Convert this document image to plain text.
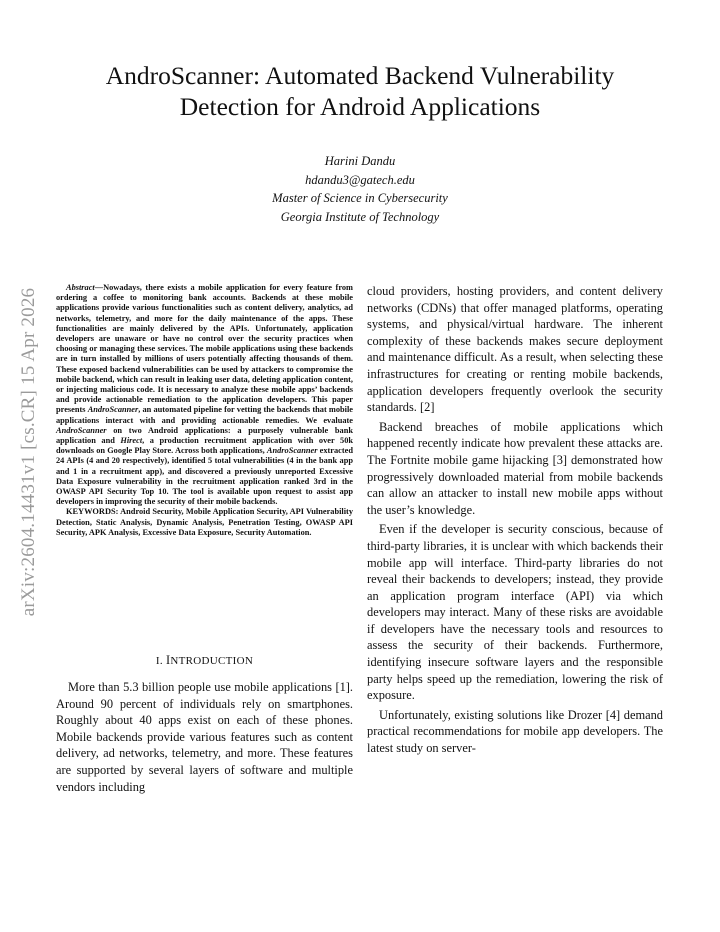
AndroScanner: Automated Backend Vulnerability
Detection for Android Applications
Harini Dandu
hdandu3@gatech.edu
Master of Science in Cybersecurity
Georgia Institute of Technology
arXiv:2604.14431v1 [cs.CR] 15 Apr 2026

Abstract—Nowadays, there exists a mobile application for every feature from ordering a coffee to monitoring bank accounts. Backends at these mobile applications provide various functionalities such as content delivery, analytics, ad networks, telemetry, and more for the daily maintenance of the apps. These functionalities are mainly delivered by the APIs. Unfortunately, application developers are unaware or have no control over the security practices when choosing or managing these services. The mobile applications using these backends are in turn installed by millions of users potentially affecting thousands of them. These exposed backend vulnerabilities can be used by attackers to compromise the mobile backend, which can result in leaking user data, deleting application content, or injecting malicious code. It is necessary to analyze these mobile apps’ backends and provide actionable remediation to the application developers. This paper presents AndroScanner, an automated pipeline for vetting the backends that mobile applications interact with and providing actionable remedies. We evaluate AndroScanner on two Android applications: a purposely vulnerable bank application and Hirect, a production recruitment application with over 50k downloads on Google Play Store. Across both applications, AndroScanner extracted 24 APIs (4 and 20 respectively), identified 5 total vulnerabilities (4 in the bank app and 1 in a recruitment app), and discovered a previously unreported Excessive Data Exposure vulnerability in the recruitment application ranked 3rd in the OWASP API Security Top 10. The tool is available upon request to assist app developers in improving the security of their mobile backends.

KEYWORDS: Android Security, Mobile Application Security, API Vulnerability Detection, Static Analysis, Dynamic Analysis, Penetration Testing, OWASP API Security, APK Analysis, Excessive Data Exposure, Security Automation.

I. INTRODUCTION

More than 5.3 billion people use mobile applications [1]. Around 90 percent of individuals rely on smartphones. Roughly about 40 apps exist on each of these phones. Mobile backends provide various features such as content delivery, ad networks, telemetry, and more. These features are supported by several layers of software and multiple vendors including

cloud providers, hosting providers, and content delivery networks (CDNs) that offer managed platforms, operating systems, and physical/virtual hardware. The inherent complexity of these backends makes secure deployment and maintenance difficult. As a result, when selecting these infrastructures for creating or renting mobile backends, application developers frequently overlook the security standards. [2]

Backend breaches of mobile applications which happened recently indicate how prevalent these attacks are. The Fortnite mobile game hijacking [3] demonstrated how progressively downloaded material from mobile backends can allow an attacker to install new mobile apps without the user’s knowledge.

Even if the developer is security conscious, because of third-party libraries, it is unclear with which backends their mobile app will interface. Third-party libraries do not reveal their backends to developers; instead, they provide an application program interface (API) via which developers may interact. Many of these risks are avoidable if developers have the necessary tools and resources to assess the security of their backends. Furthermore, identifying insecure software layers and the responsible party helps speed up the remediation, lowering the risk of exposure.

Unfortunately, existing solutions like Drozer [4] demand practical recommendations for mobile app developers. The latest study on server-
